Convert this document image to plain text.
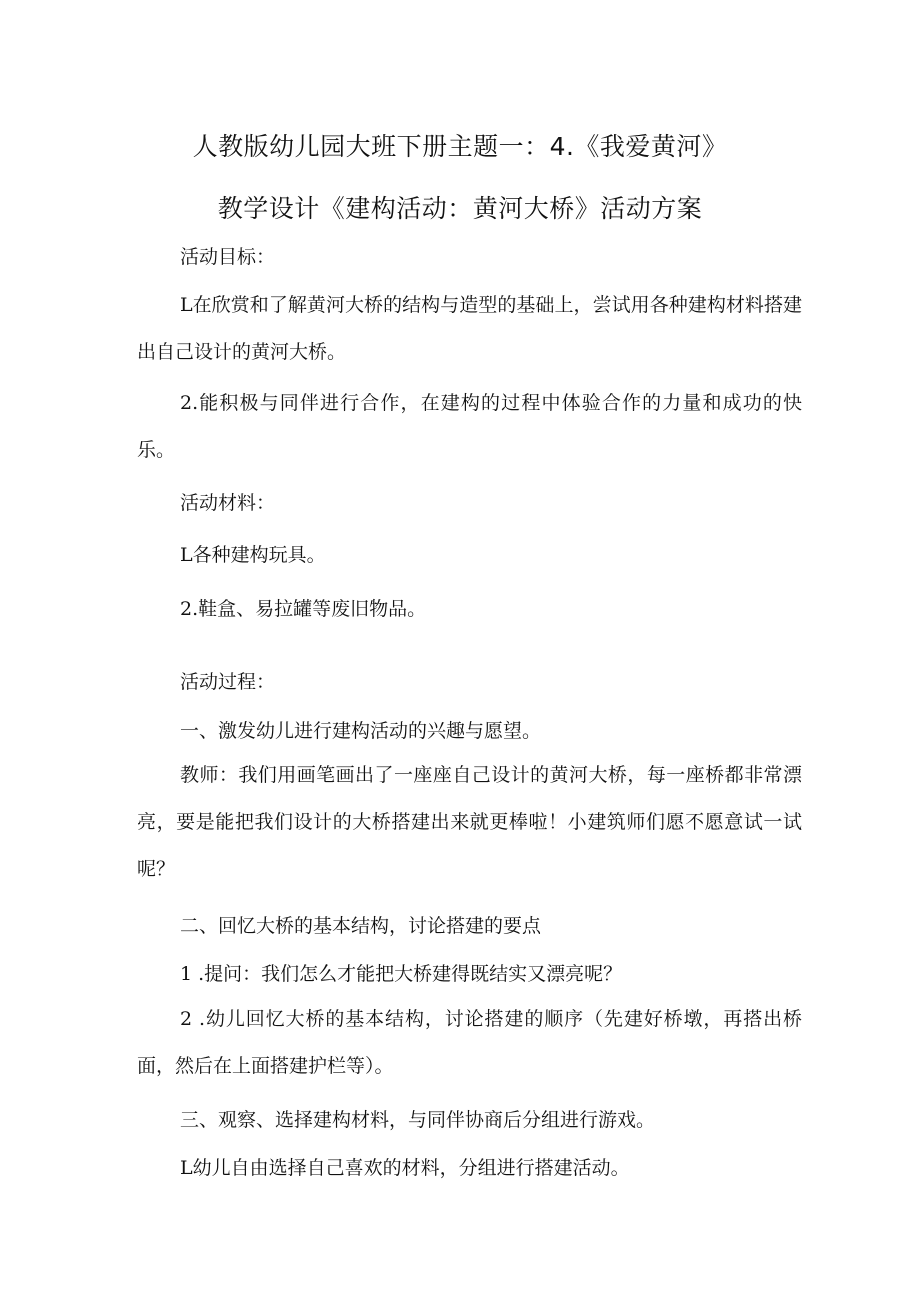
人教版幼儿园大班下册主题一：4.《我爱黄河》
教学设计《建构活动：黄河大桥》活动方案
活动目标：
L在欣赏和了解黄河大桥的结构与造型的基础上，尝试用各种建构材料搭建出自己设计的黄河大桥。
2.能积极与同伴进行合作，在建构的过程中体验合作的力量和成功的快乐。
活动材料：
L各种建构玩具。
2.鞋盒、易拉罐等废旧物品。
活动过程：
一、激发幼儿进行建构活动的兴趣与愿望。
教师：我们用画笔画出了一座座自己设计的黄河大桥，每一座桥都非常漂亮，要是能把我们设计的大桥搭建出来就更棒啦！小建筑师们愿不愿意试一试呢？
二、回忆大桥的基本结构，讨论搭建的要点
1 .提问：我们怎么才能把大桥建得既结实又漂亮呢？
2 .幼儿回忆大桥的基本结构，讨论搭建的顺序（先建好桥墩，再搭出桥面，然后在上面搭建护栏等）。
三、观察、选择建构材料，与同伴协商后分组进行游戏。
L幼儿自由选择自己喜欢的材料，分组进行搭建活动。
